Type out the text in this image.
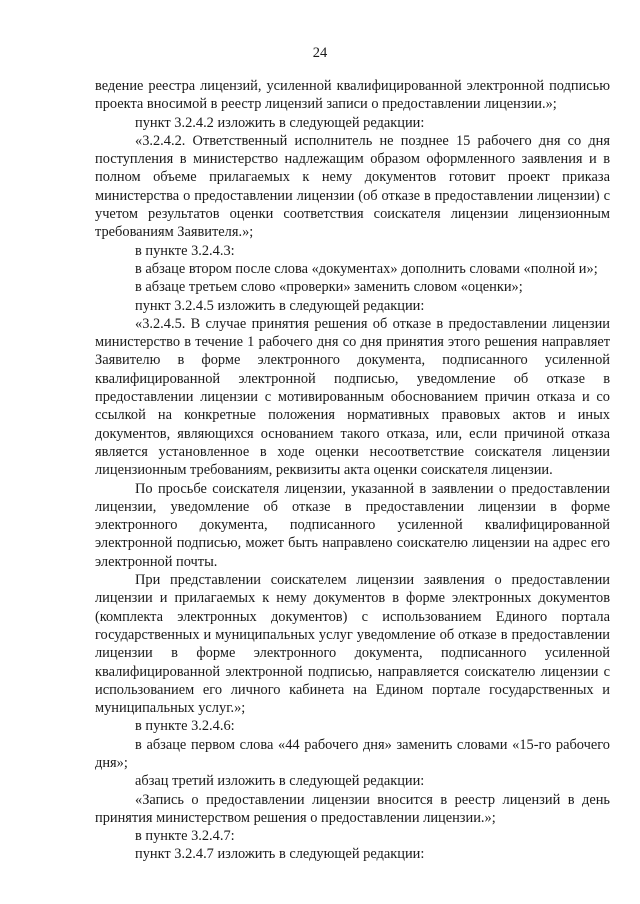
24

ведение реестра лицензий, усиленной квалифицированной электронной подписью проекта вносимой в реестр лицензий записи о предоставлении лицензии.»;

пункт 3.2.4.2 изложить в следующей редакции:

«3.2.4.2. Ответственный исполнитель не позднее 15 рабочего дня со дня поступления в министерство надлежащим образом оформленного заявления и в полном объеме прилагаемых к нему документов готовит проект приказа министерства о предоставлении лицензии (об отказе в предоставлении лицензии) с учетом результатов оценки соответствия соискателя лицензии лицензионным требованиям Заявителя.»;

в пункте 3.2.4.3:

в абзаце втором после слова «документах» дополнить словами «полной и»;

в абзаце третьем слово «проверки» заменить словом «оценки»;

пункт 3.2.4.5 изложить в следующей редакции:

«3.2.4.5. В случае принятия решения об отказе в предоставлении лицензии министерство в течение 1 рабочего дня со дня принятия этого решения направляет Заявителю в форме электронного документа, подписанного усиленной квалифицированной электронной подписью, уведомление об отказе в предоставлении лицензии с мотивированным обоснованием причин отказа и со ссылкой на конкретные положения нормативных правовых актов и иных документов, являющихся основанием такого отказа, или, если причиной отказа является установленное в ходе оценки несоответствие соискателя лицензии лицензионным требованиям, реквизиты акта оценки соискателя лицензии.

По просьбе соискателя лицензии, указанной в заявлении о предоставлении лицензии, уведомление об отказе в предоставлении лицензии в форме электронного документа, подписанного усиленной квалифицированной электронной подписью, может быть направлено соискателю лицензии на адрес его электронной почты.

При представлении соискателем лицензии заявления о предоставлении лицензии и прилагаемых к нему документов в форме электронных документов (комплекта электронных документов) с использованием Единого портала государственных и муниципальных услуг уведомление об отказе в предоставлении лицензии в форме электронного документа, подписанного усиленной квалифицированной электронной подписью, направляется соискателю лицензии с использованием его личного кабинета на Едином портале государственных и муниципальных услуг.»;

в пункте 3.2.4.6:

в абзаце первом слова «44 рабочего дня» заменить словами «15-го рабочего дня»;

абзац третий изложить в следующей редакции:

«Запись о предоставлении лицензии вносится в реестр лицензий в день принятия министерством решения о предоставлении лицензии.»;

в пункте 3.2.4.7:

пункт 3.2.4.7 изложить в следующей редакции:
